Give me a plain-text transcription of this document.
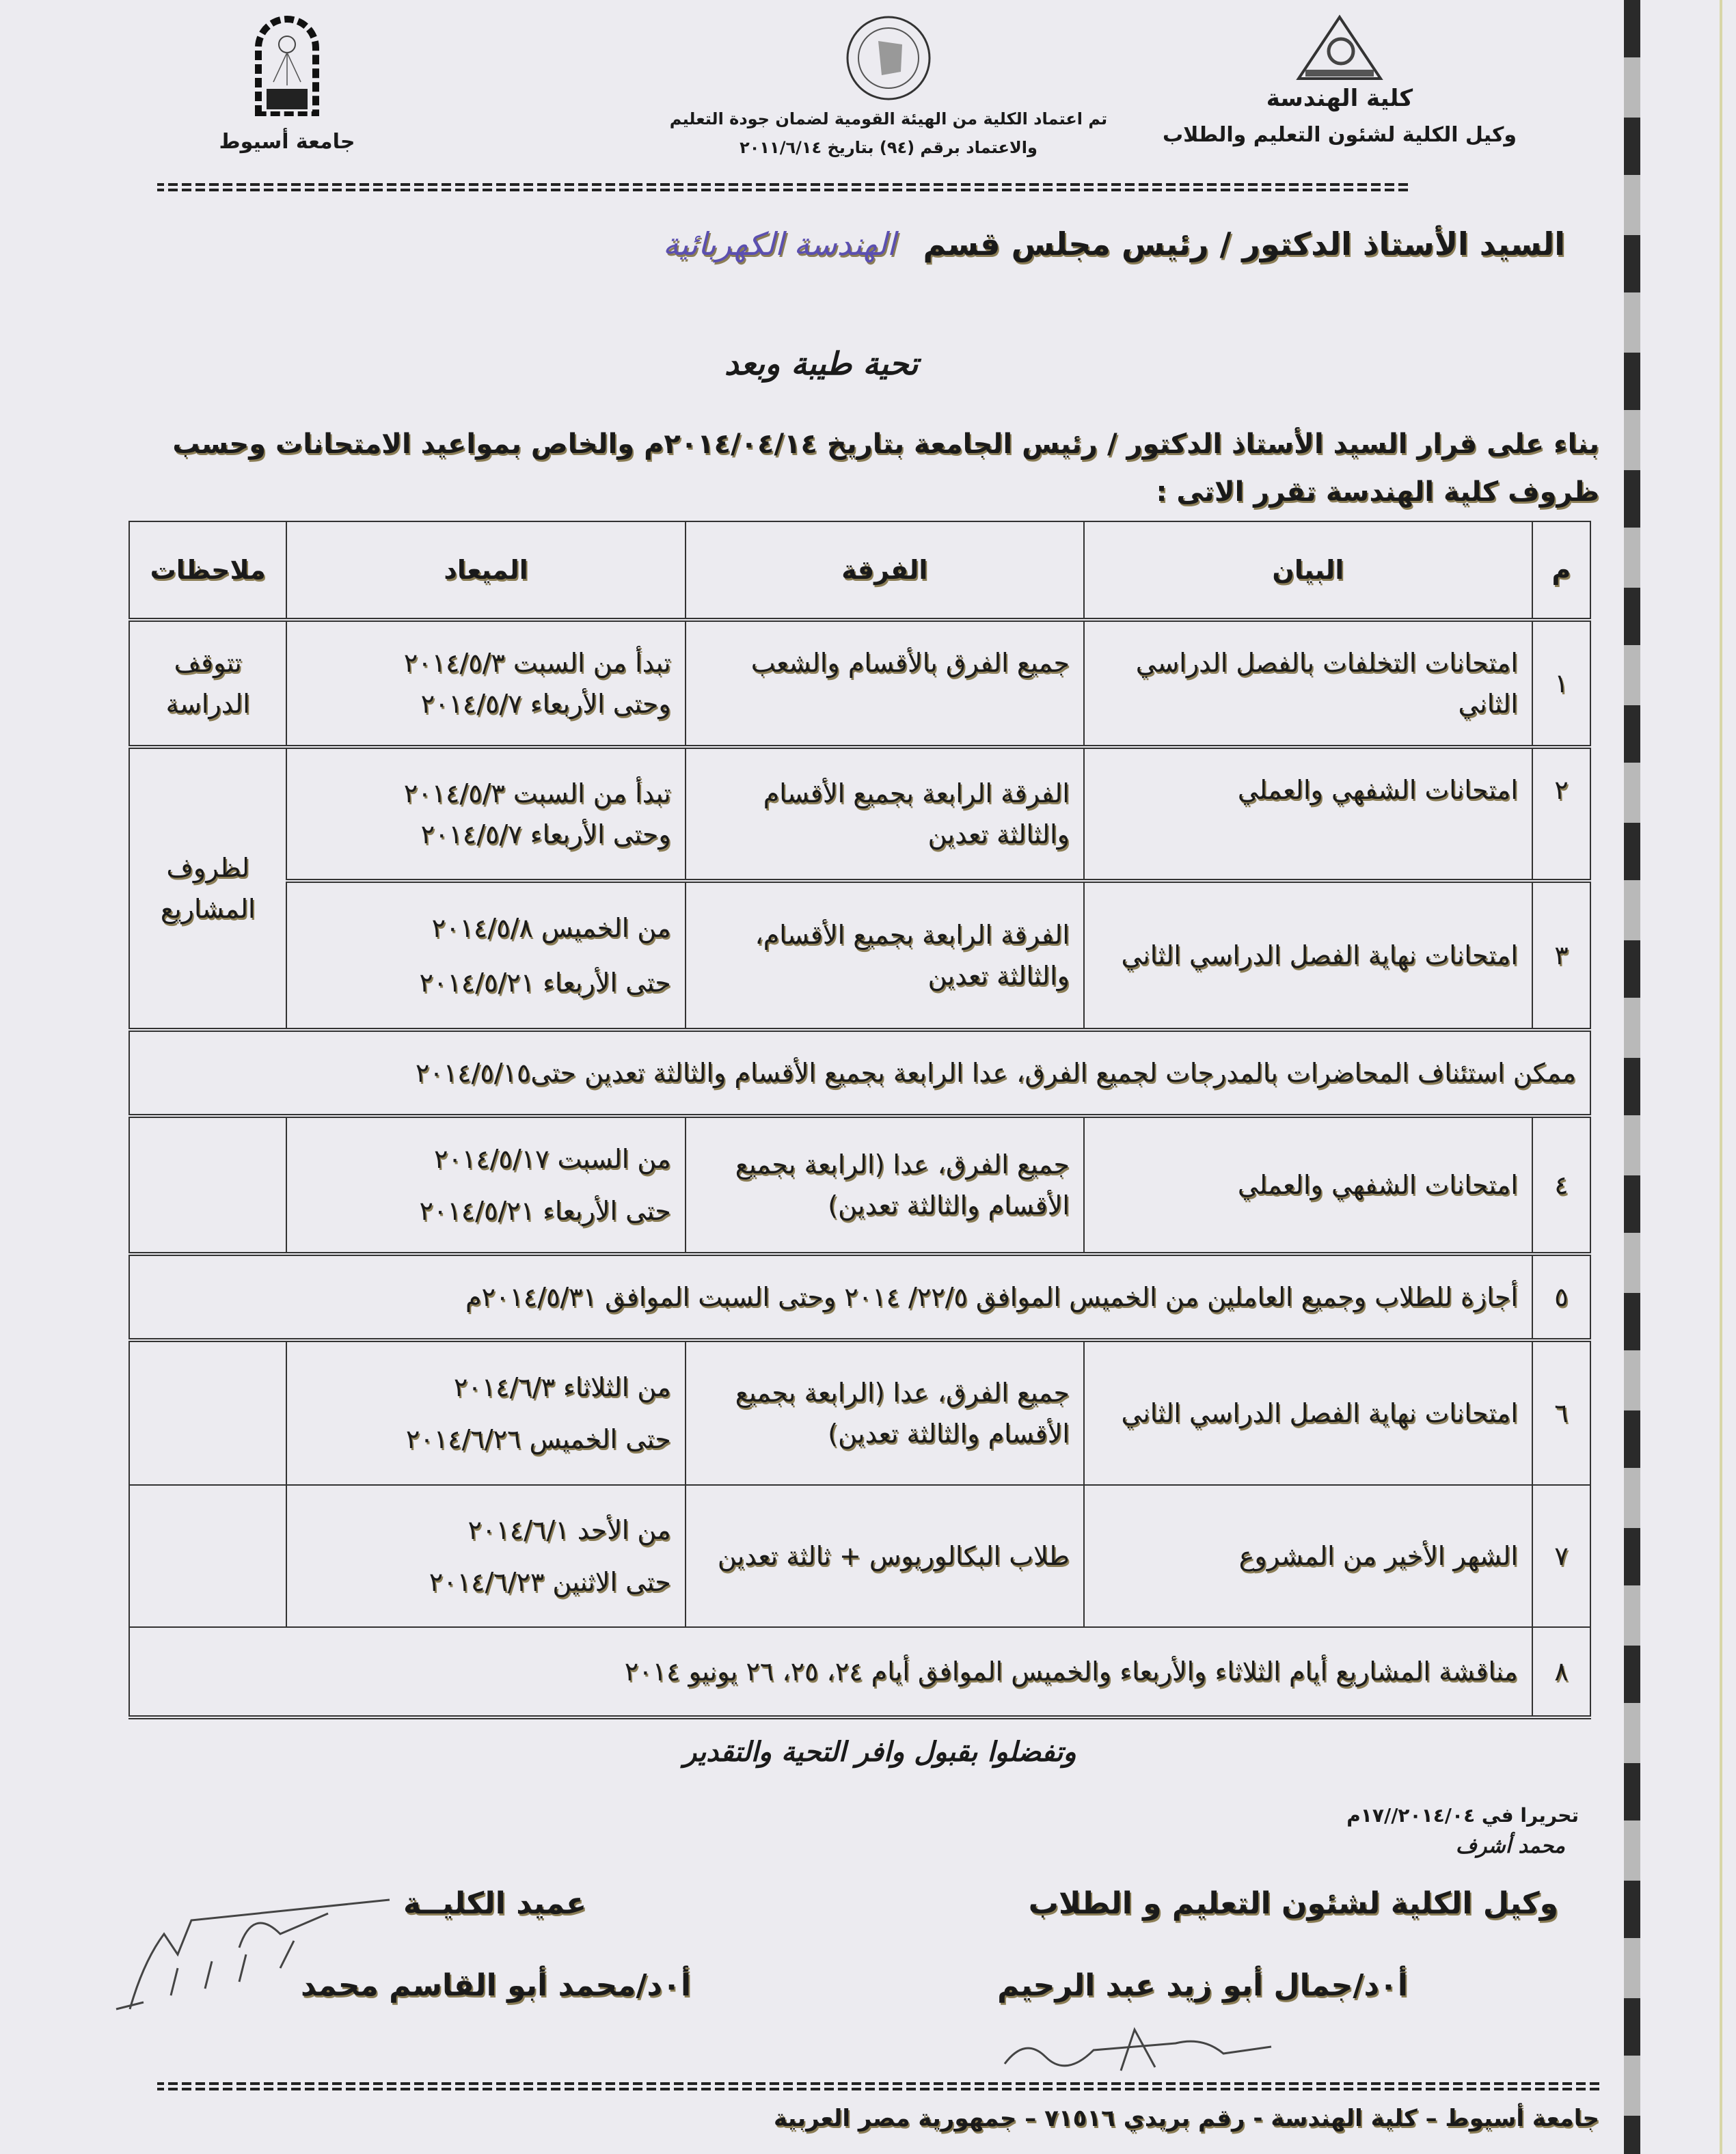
كلية الهندسة
وكيل الكلية لشئون التعليم والطلاب
تم اعتماد الكلية من الهيئة القومية لضمان جودة التعليم
والاعتماد برقم (٩٤) بتاريخ ٢٠١١/٦/١٤
جامعة أسيوط
السيد الأستاذ الدكتور / رئيس مجلس قسم
الهندسة الكهربائية
تحية طيبة وبعد
بناء على قرار السيد الأستاذ الدكتور / رئيس الجامعة بتاريخ ٢٠١٤/٠٤/١٤م والخاص بمواعيد الامتحانات وحسب ظروف كلية الهندسة تقرر الاتى :
م	البيان	الفرقة	الميعاد	ملاحظات
١	امتحانات التخلفات بالفصل الدراسي الثاني	جميع الفرق بالأقسام والشعب	تبدأ من السبت ٢٠١٤/٥/٣
وحتى الأربعاء ٢٠١٤/٥/٧	تتوقف الدراسة
٢	امتحانات الشفهي والعملي	الفرقة الرابعة بجميع الأقسام والثالثة تعدين	تبدأ من السبت ٢٠١٤/٥/٣
وحتى الأربعاء ٢٠١٤/٥/٧	لظروف المشاريع
٣	امتحانات نهاية الفصل الدراسي الثاني	الفرقة الرابعة بجميع الأقسام، والثالثة تعدين	من الخميس ٢٠١٤/٥/٨
حتى الأربعاء ٢٠١٤/٥/٢١	

ممكن استئناف المحاضرات بالمدرجات لجميع الفرق، عدا الرابعة بجميع الأقسام والثالثة تعدين حتى٢٠١٤/٥/١٥				
٤	امتحانات الشفهي والعملي	جميع الفرق، عدا (الرابعة بجميع الأقسام والثالثة تعدين)	من السبت ٢٠١٤/٥/١٧
حتى الأربعاء ٢٠١٤/٥/٢١	

٥	أجازة للطلاب وجميع العاملين من الخميس الموافق ٢٢/٥/ ٢٠١٤ وحتى السبت الموافق ٢٠١٤/٥/٣١م			
٦	امتحانات نهاية الفصل الدراسي الثاني	جميع الفرق، عدا (الرابعة بجميع الأقسام والثالثة تعدين)	من الثلاثاء ٢٠١٤/٦/٣
حتى الخميس ٢٠١٤/٦/٢٦	

٧	الشهر الأخير من المشروع	طلاب البكالوريوس + ثالثة تعدين	من الأحد ٢٠١٤/٦/١
حتى الاثنين ٢٠١٤/٦/٢٣	

٨	مناقشة المشاريع أيام الثلاثاء والأربعاء والخميس الموافق أيام ٢٤، ٢٥، ٢٦ يونيو ٢٠١٤			
وتفضلوا بقبول وافر التحية والتقدير
تحريرا في ٢٠١٤/٠٤//١٧م
محمد أشرف
وكيل الكلية لشئون التعليم و الطلاب
أ٠د/جمال أبو زيد عبد الرحيم
عميد الكليــة
أ٠د/محمد أبو القاسم محمد
جامعة أسيوط – كلية الهندسة - رقم بريدي ٧١٥١٦ – جمهورية مصر العربية
